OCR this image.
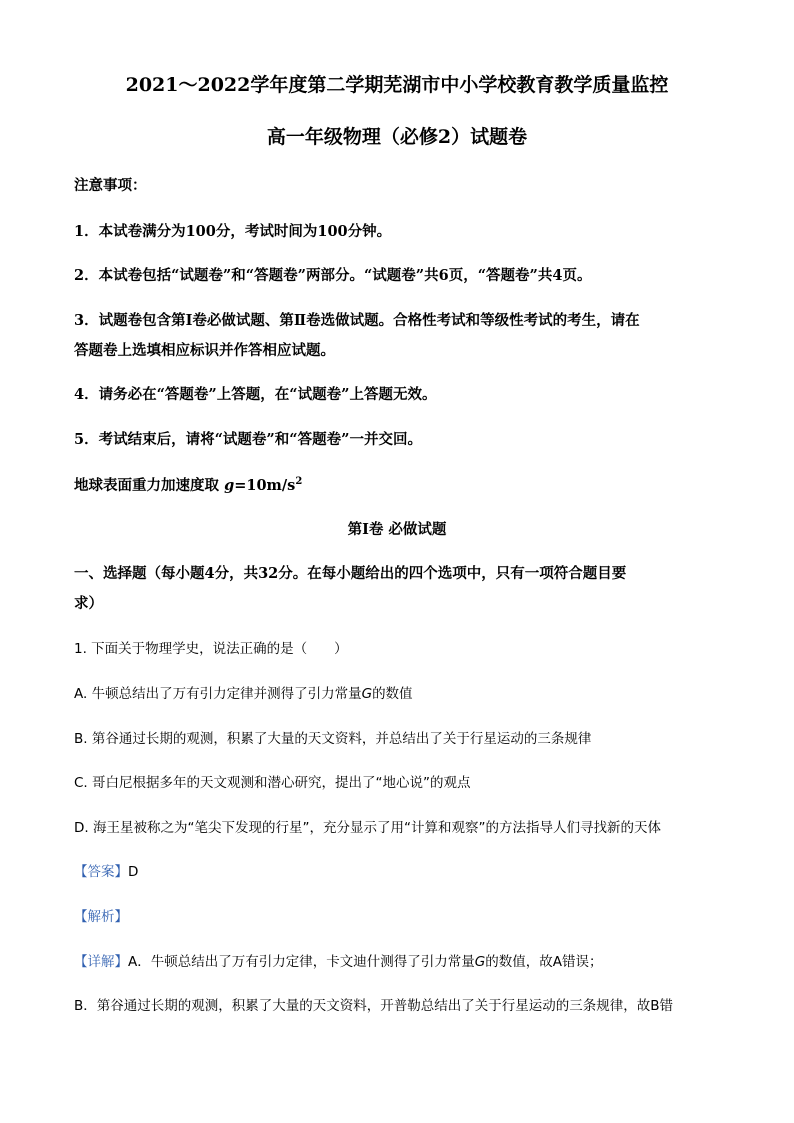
2021～2022学年度第二学期芜湖市中小学校教育教学质量监控
高一年级物理（必修2）试题卷
注意事项：
1．本试卷满分为100分，考试时间为100分钟。
2．本试卷包括“试题卷”和“答题卷”两部分。“试题卷”共6页，“答题卷”共4页。
3．试题卷包含第Ⅰ卷必做试题、第Ⅱ卷选做试题。合格性考试和等级性考试的考生，请在
答题卷上选填相应标识并作答相应试题。
4．请务必在“答题卷”上答题，在“试题卷”上答题无效。
5．考试结束后，请将“试题卷”和“答题卷”一并交回。
地球表面重力加速度取 $g=10m/s^2$
第Ⅰ卷 必做试题
一、选择题（每小题4分，共32分。在每小题给出的四个选项中，只有一项符合题目要
求）
1. 下面关于物理学史，说法正确的是（　　）
A. 牛顿总结出了万有引力定律并测得了引力常量G的数值
B. 第谷通过长期的观测，积累了大量的天文资料，并总结出了关于行星运动的三条规律
C. 哥白尼根据多年的天文观测和潜心研究，提出了“地心说”的观点
D. 海王星被称之为“笔尖下发现的行星”，充分显示了用“计算和观察”的方法指导人们寻找新的天体
【答案】D
【解析】
【详解】A．牛顿总结出了万有引力定律，卡文迪什测得了引力常量G的数值，故A错误；
B．第谷通过长期的观测，积累了大量的天文资料，开普勒总结出了关于行星运动的三条规律，故B错
